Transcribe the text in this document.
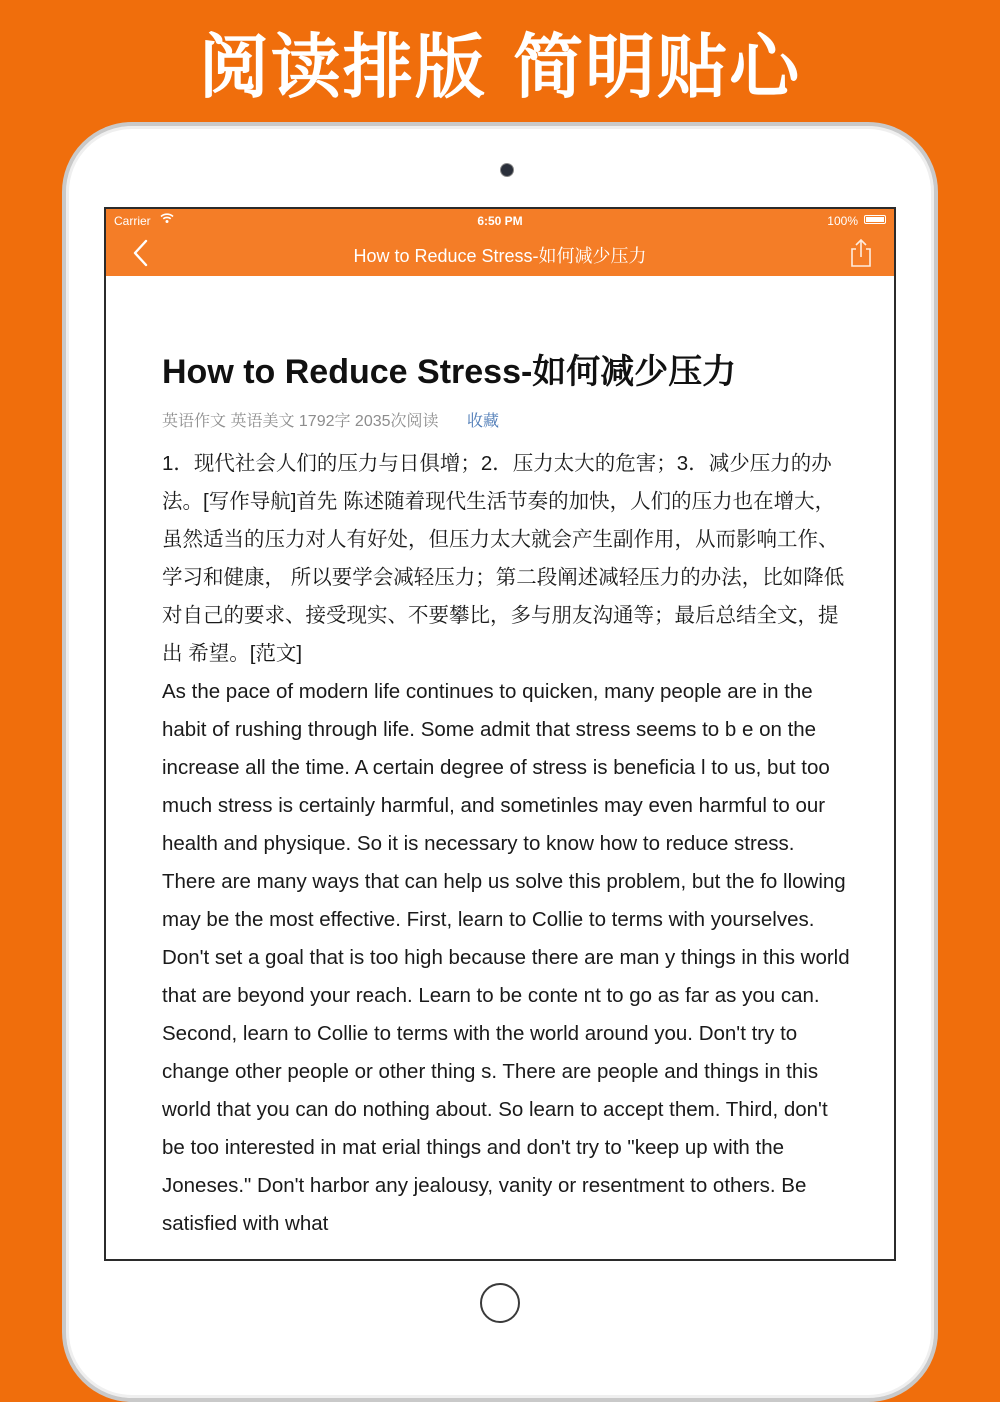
阅读排版 简明贴心
Carrier	6:50 PM	100%
How to Reduce Stress-如何减少压力
How to Reduce Stress-如何减少压力
英语作文 英语美文 1792字 2035次阅读 收藏

1．现代社会人们的压力与日俱增；2．压力太大的危害；3．减少压力的办法。[写作导航]首先 陈述随着现代生活节奏的加快，人们的压力也在增大，虽然适当的压力对人有好处，但压力太大就会产生副作用，从而影响工作、学习和健康， 所以要学会减轻压力；第二段阐述减轻压力的办法，比如降低对自己的要求、接受现实、不要攀比，多与朋友沟通等；最后总结全文，提出 希望。[范文]

As the pace of modern life continues to quicken, many people are in the habit of rushing through life. Some admit that stress seems to b e on the increase all the time. A certain degree of stress is beneficia l to us, but too much stress is certainly harmful, and sometinles may even harmful to our health and physique. So it is necessary to know how to reduce stress.

There are many ways that can help us solve this problem, but the fo llowing may be the most effective. First, learn to Collie to terms with yourselves. Don't set a goal that is too high because there are man y things in this world that are beyond your reach. Learn to be conte nt to go as far as you can. Second, learn to Collie to terms with the world around you. Don't try to change other people or other thing s. There are people and things in this world that you can do nothing about. So learn to accept them. Third, don't be too interested in mat erial things and don't try to "keep up with the Joneses." Don't harbor any jealousy, vanity or resentment to others. Be satisfied with what
